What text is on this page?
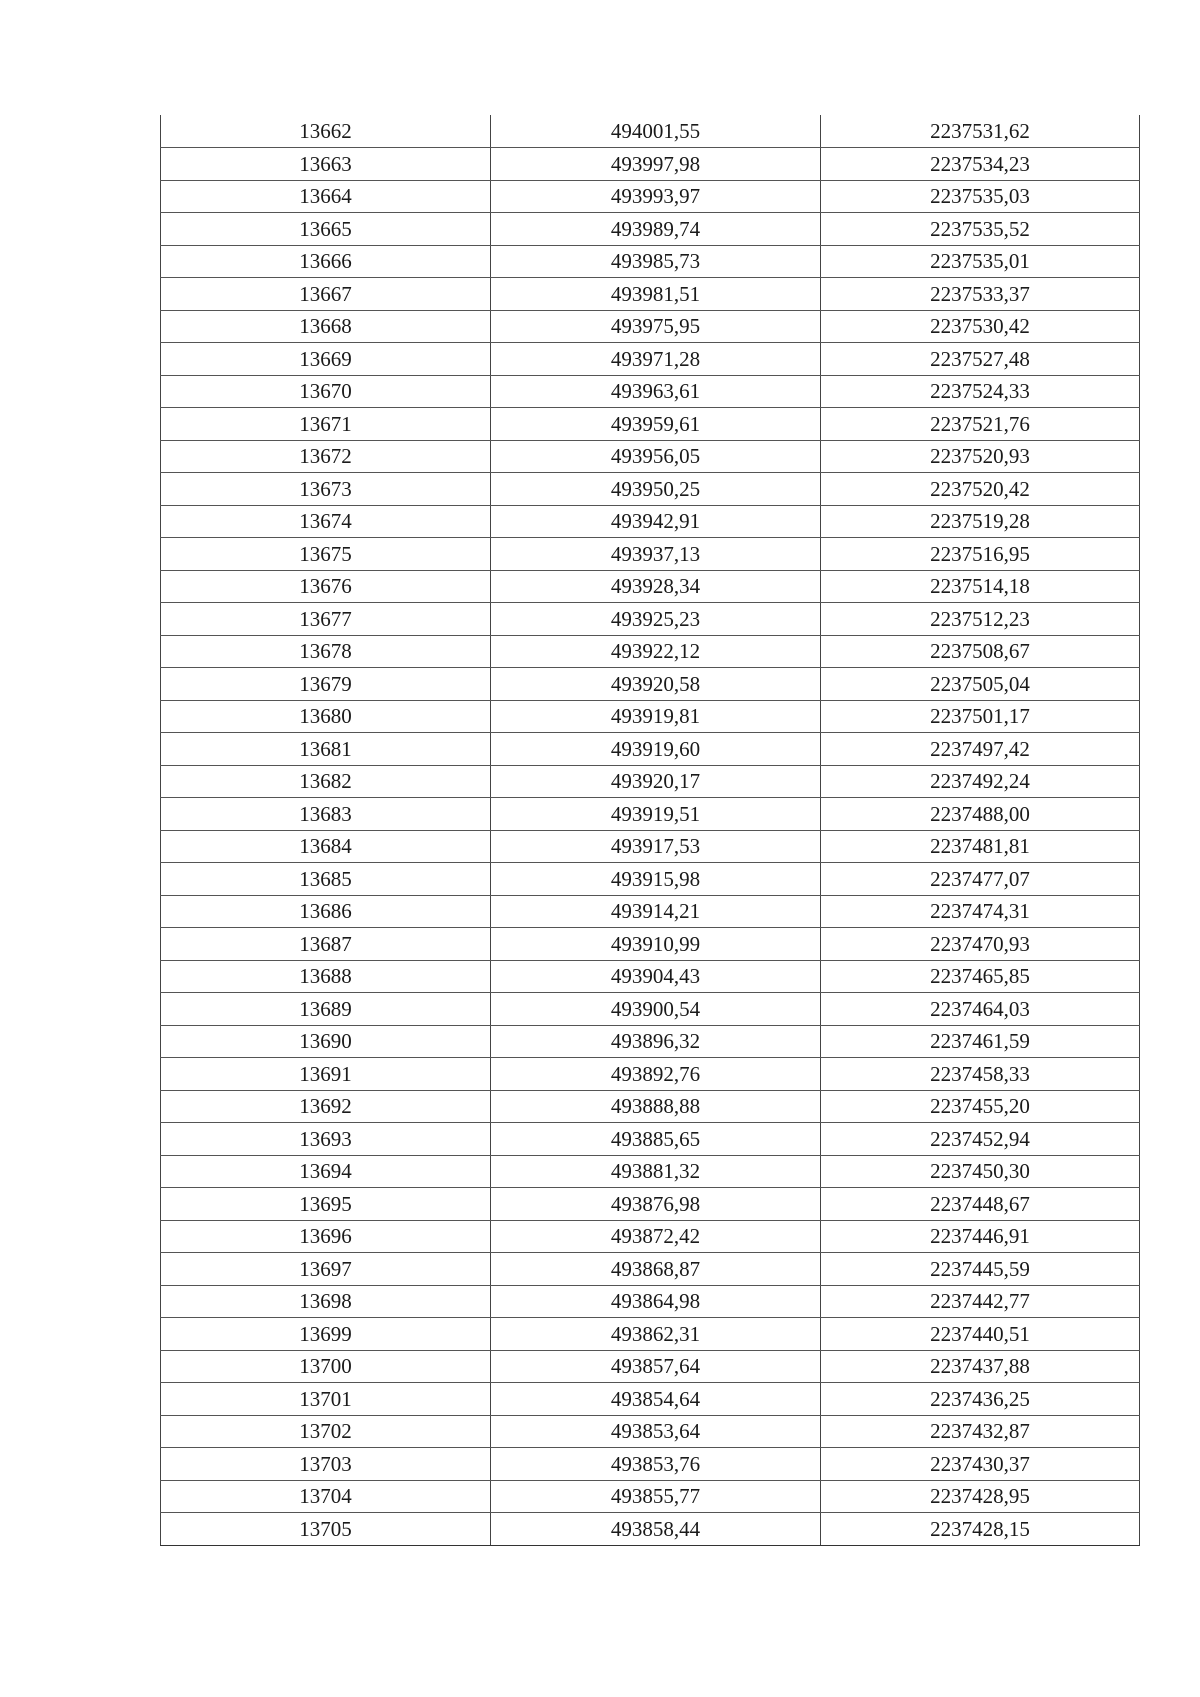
13662	494001,55	2237531,62
13663	493997,98	2237534,23
13664	493993,97	2237535,03
13665	493989,74	2237535,52
13666	493985,73	2237535,01
13667	493981,51	2237533,37
13668	493975,95	2237530,42
13669	493971,28	2237527,48
13670	493963,61	2237524,33
13671	493959,61	2237521,76
13672	493956,05	2237520,93
13673	493950,25	2237520,42
13674	493942,91	2237519,28
13675	493937,13	2237516,95
13676	493928,34	2237514,18
13677	493925,23	2237512,23
13678	493922,12	2237508,67
13679	493920,58	2237505,04
13680	493919,81	2237501,17
13681	493919,60	2237497,42
13682	493920,17	2237492,24
13683	493919,51	2237488,00
13684	493917,53	2237481,81
13685	493915,98	2237477,07
13686	493914,21	2237474,31
13687	493910,99	2237470,93
13688	493904,43	2237465,85
13689	493900,54	2237464,03
13690	493896,32	2237461,59
13691	493892,76	2237458,33
13692	493888,88	2237455,20
13693	493885,65	2237452,94
13694	493881,32	2237450,30
13695	493876,98	2237448,67
13696	493872,42	2237446,91
13697	493868,87	2237445,59
13698	493864,98	2237442,77
13699	493862,31	2237440,51
13700	493857,64	2237437,88
13701	493854,64	2237436,25
13702	493853,64	2237432,87
13703	493853,76	2237430,37
13704	493855,77	2237428,95
13705	493858,44	2237428,15
